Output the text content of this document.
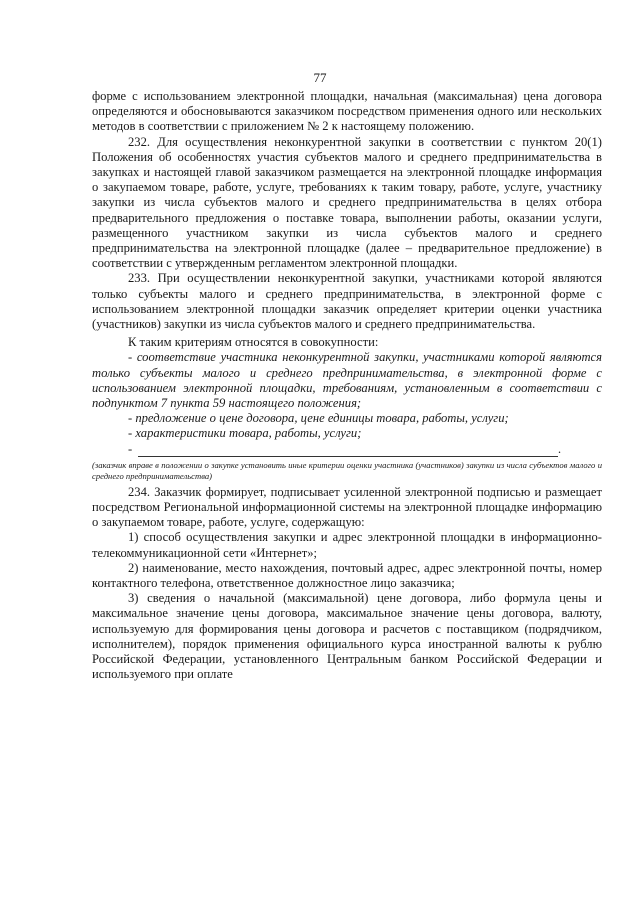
77

форме с использованием электронной площадки, начальная (максимальная) цена договора определяются и обосновываются заказчиком посредством применения одного или нескольких методов в соответствии с приложением № 2 к настоящему положению.

232. Для осуществления неконкурентной закупки в соответствии с пунктом 20(1) Положения об особенностях участия субъектов малого и среднего предпринимательства в закупках и настоящей главой заказчиком размещается на электронной площадке информация о закупаемом товаре, работе, услуге, требованиях к таким товару, работе, услуге, участнику закупки из числа субъектов малого и среднего предпринимательства в целях отбора предварительного предложения о поставке товара, выполнении работы, оказании услуги, размещенного участником закупки из числа субъектов малого и среднего предпринимательства на электронной площадке (далее – предварительное предложение) в соответствии с утвержденным регламентом электронной площадки.

233. При осуществлении неконкурентной закупки, участниками которой являются только субъекты малого и среднего предпринимательства, в электронной форме с использованием электронной площадки заказчик определяет критерии оценки участника (участников) закупки из числа субъектов малого и среднего предпринимательства.

К таким критериям относятся в совокупности:

- соответствие участника неконкурентной закупки, участниками которой являются только субъекты малого и среднего предпринимательства, в электронной форме с использованием электронной площадки, требованиям, установленным в соответствии с подпунктом 7 пункта 59 настоящего положения;

- предложение о цене договора, цене единицы товара, работы, услуги;

- характеристики товара, работы, услуги;

-	.

(заказчик вправе в положении о закупке установить иные критерии оценки участника (участников) закупки из числа субъектов малого и среднего предпринимательства)

234. Заказчик формирует, подписывает усиленной электронной подписью и размещает посредством Региональной информационной системы на электронной площадке информацию о закупаемом товаре, работе, услуге, содержащую:

1) способ осуществления закупки и адрес электронной площадки в информационно-телекоммуникационной сети «Интернет»;

2) наименование, место нахождения, почтовый адрес, адрес электронной почты, номер контактного телефона, ответственное должностное лицо заказчика;

3) сведения о начальной (максимальной) цене договора, либо формула цены и максимальное значение цены договора, максимальное значение цены договора, валюту, используемую для формирования цены договора и расчетов с поставщиком (подрядчиком, исполнителем), порядок применения официального курса иностранной валюты к рублю Российской Федерации, установленного Центральным банком Российской Федерации и используемого при оплате
